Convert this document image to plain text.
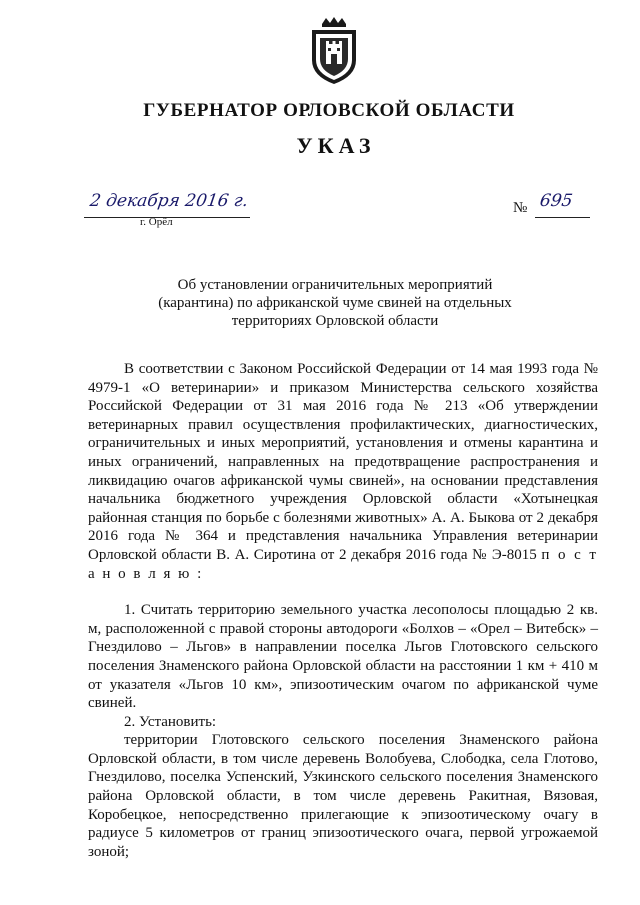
ГУБЕРНАТОР ОРЛОВСКОЙ ОБЛАСТИ
УКАЗ
2 декабря 2016 г.
г. Орёл
№ 695
Об установлении ограничительных мероприятий
(карантина) по африканской чуме свиней на отдельных
территориях Орловской области

В соответствии с Законом Российской Федерации от 14 мая 1993 года № 4979-1 «О ветеринарии» и приказом Министерства сельского хозяйства Российской Федерации от 31 мая 2016 года № 213 «Об утверждении ветеринарных правил осуществления профилактических, диагностических, ограничительных и иных мероприятий, установления и отмены карантина и иных ограничений, направленных на предотвращение распространения и ликвидацию очагов африканской чумы свиней», на основании представления начальника бюджетного учреждения Орловской области «Хотынецкая районная станция по борьбе с болезнями животных» А. А. Быкова от 2 декабря 2016 года № 364 и представления начальника Управления ветеринарии Орловской области В. А. Сиротина от 2 декабря 2016 года № Э-8015 п о с т а н о в л я ю :

1. Считать территорию земельного участка лесополосы площадью 2 кв. м, расположенной с правой стороны автодороги «Болхов – «Орел – Витебск» – Гнездилово – Льгов» в направлении поселка Льгов Глотовского сельского поселения Знаменского района Орловской области на расстоянии 1 км + 410 м от указателя «Льгов 10 км», эпизоотическим очагом по африканской чуме свиней.

2. Установить:

территории Глотовского сельского поселения Знаменского района Орловской области, в том числе деревень Волобуева, Слободка, села Глотово, Гнездилово, поселка Успенский, Узкинского сельского поселения Знаменского района Орловской области, в том числе деревень Ракитная, Вязовая, Коробецкое, непосредственно прилегающие к эпизоотическому очагу в радиусе 5 километров от границ эпизоотического очага, первой угрожаемой зоной;
